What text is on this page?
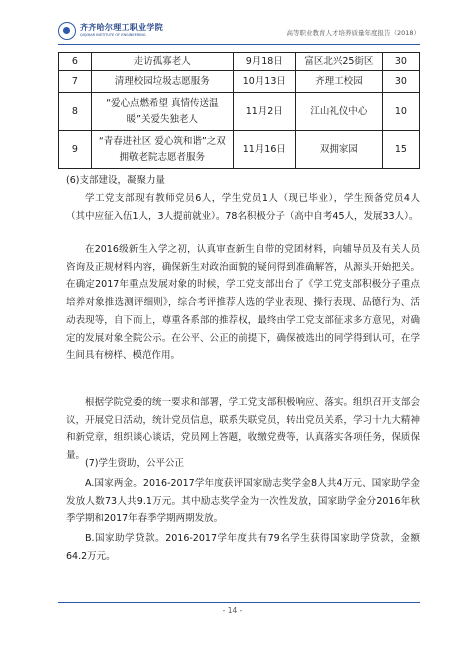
齐齐哈尔理工职业学院
QIQIHAR INSTITUTE OF ENGINEERING	高等职业教育人才培养质量年度报告（2018）
6	走访孤寡老人	9月18日	富区北兴25街区	30
7	清理校园垃圾志愿服务	10月13日	齐理工校园	30
8	“爱心点燃希望 真情传送温暖”关爱失独老人	11月2日	江山礼仪中心	10
9	“青春进社区 爱心筑和谐”之双拥敬老院志愿者服务	11月16日	双拥家园	15

(6)支部建设，凝聚力量

学工党支部现有教师党员6人，学生党员1人（现已毕业），学生预备党员4人（其中应征入伍1人，3人提前就业）。78名积极分子（高中自考45人，发展33人）。

在2016级新生入学之初，认真审查新生自带的党团材料，向辅导员及有关人员咨询及正规材料内容，确保新生对政治面貌的疑问得到准确解答，从源头开始把关。在确定2017年重点发展对象的时候，学工党支部出台了《学工党支部积极分子重点培养对象推选测评细则》，综合考评推荐人选的学业表现、操行表现、品德行为、活动表现等，自下而上，尊重各系部的推荐权，最终由学工党支部征求多方意见，对确定的发展对象全院公示。在公平、公正的前提下，确保被选出的同学得到认可，在学生间具有榜样、模范作用。

根据学院党委的统一要求和部署，学工党支部积极响应、落实。组织召开支部会议，开展党日活动，统计党员信息，联系失联党员，转出党员关系，学习十九大精神和新党章，组织谈心谈话，党员网上答题，收缴党费等，认真落实各项任务，保质保量。

(7)学生资助，公平公正

A.国家两金。2016-2017学年度获评国家励志奖学金8人共4万元、国家助学金发放人数73人共9.1万元。其中励志奖学金为一次性发放，国家助学金分2016年秋季学期和2017年春季学期两期发放。

B.国家助学贷款。2016-2017学年度共有79名学生获得国家助学贷款，金额64.2万元。

- 14 -
